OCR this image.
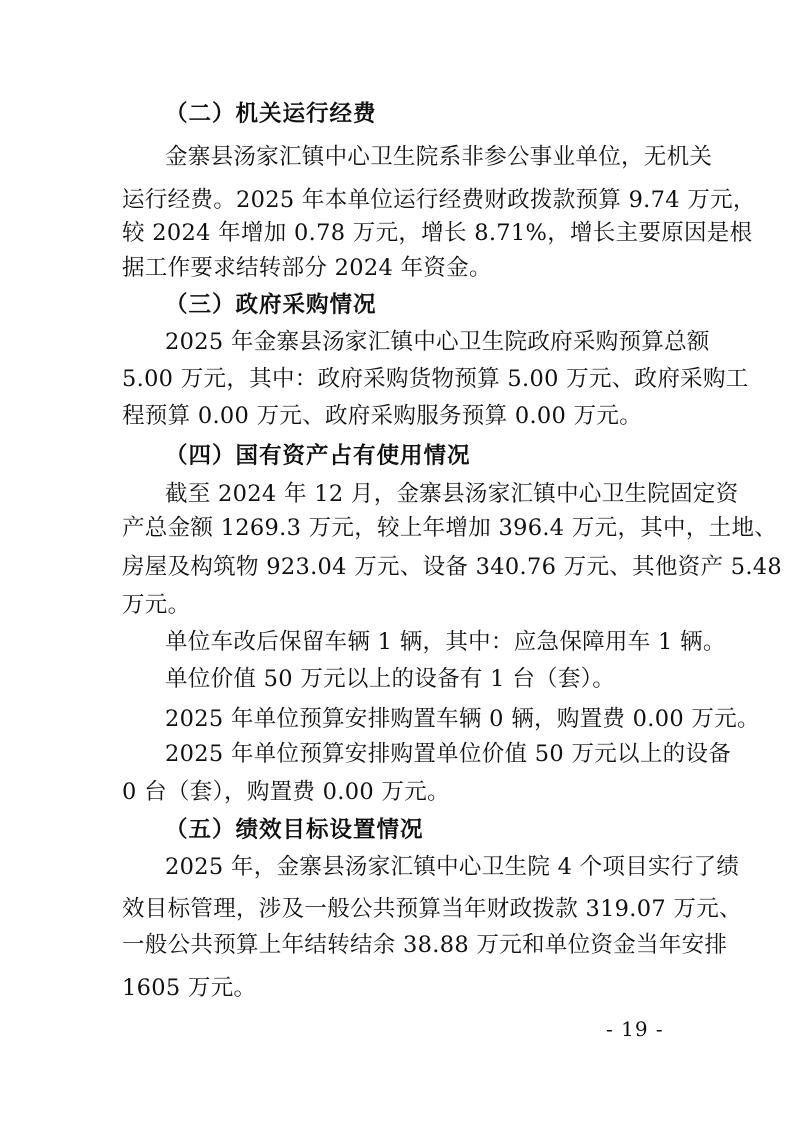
（二）机关运行经费
金寨县汤家汇镇中心卫生院系非参公事业单位，无机关
运行经费。2025 年本单位运行经费财政拨款预算 9.74 万元，
较 2024 年增加 0.78 万元，增长 8.71%，增长主要原因是根
据工作要求结转部分 2024 年资金。
（三）政府采购情况
2025 年金寨县汤家汇镇中心卫生院政府采购预算总额
5.00 万元，其中：政府采购货物预算 5.00 万元、政府采购工
程预算 0.00 万元、政府采购服务预算 0.00 万元。
（四）国有资产占有使用情况
截至 2024 年 12 月，金寨县汤家汇镇中心卫生院固定资
产总金额 1269.3 万元，较上年增加 396.4 万元，其中，土地、
房屋及构筑物 923.04 万元、设备 340.76 万元、其他资产 5.48
万元。
单位车改后保留车辆 1 辆，其中：应急保障用车 1 辆。
单位价值 50 万元以上的设备有 1 台（套）。
2025 年单位预算安排购置车辆 0 辆，购置费 0.00 万元。
2025 年单位预算安排购置单位价值 50 万元以上的设备
0 台（套），购置费 0.00 万元。
（五）绩效目标设置情况
2025 年，金寨县汤家汇镇中心卫生院 4 个项目实行了绩
效目标管理，涉及一般公共预算当年财政拨款 319.07 万元、
一般公共预算上年结转结余 38.88 万元和单位资金当年安排
1605 万元。
- 19 -
